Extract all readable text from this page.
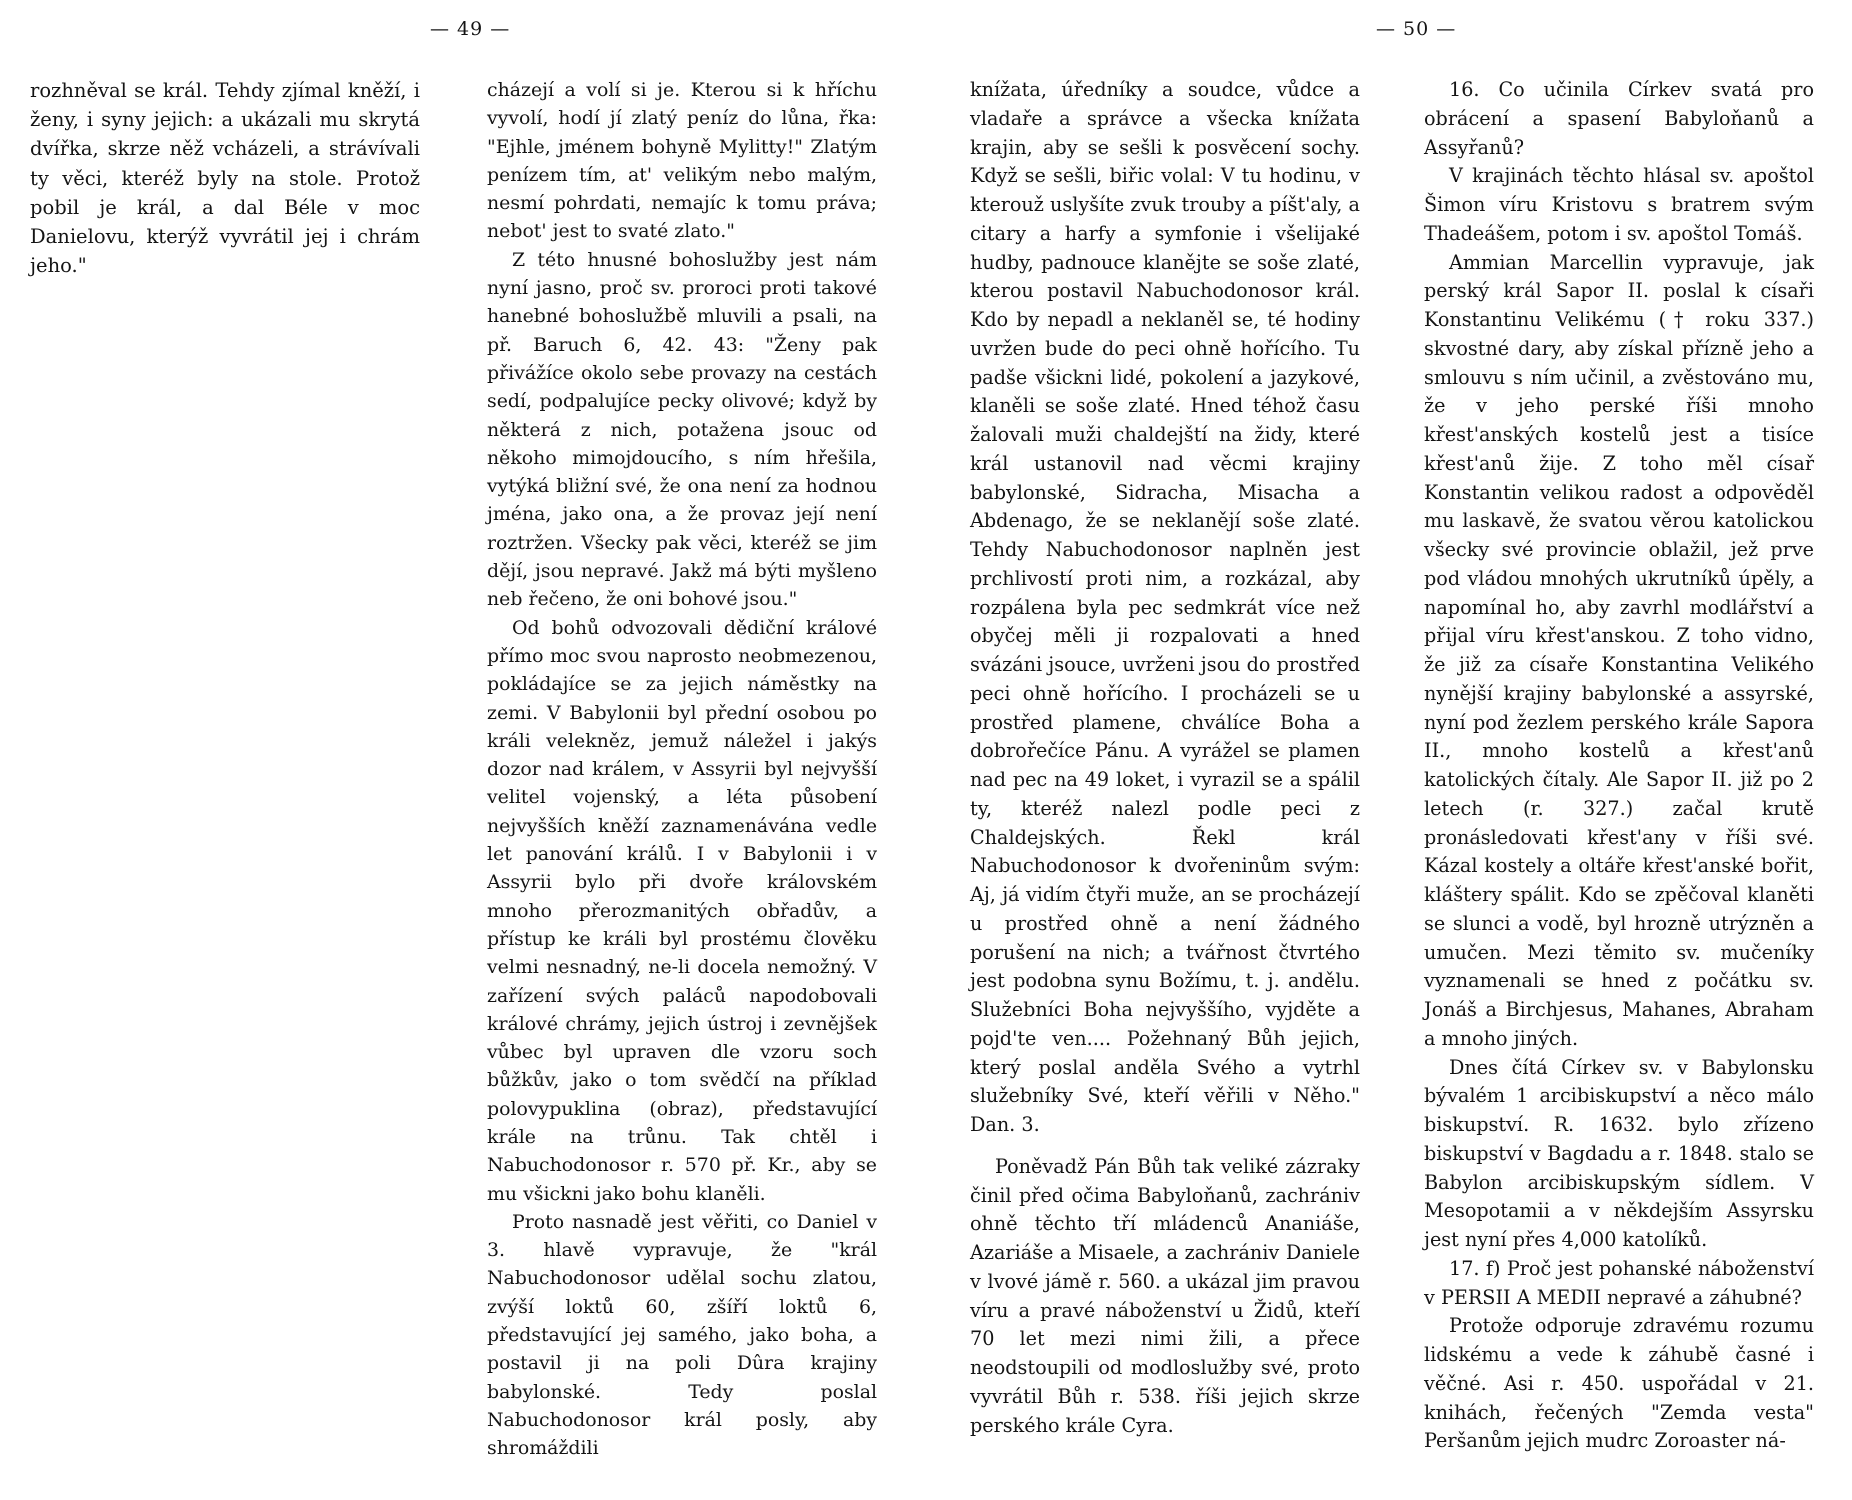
— 49 —

rozhněval se král. Tehdy zjímal kněží, i ženy, i syny jejich: a ukázali mu skrytá dvířka, skrze něž vcházeli, a strávívali ty věci, kteréž byly na stole. Protož pobil je král, a dal Béle v moc Danielovu, kterýž vyvrátil jej i chrám jeho."

cházejí a volí si je. Kterou si k hříchu vyvolí, hodí jí zlatý peníz do lůna, řka: "Ejhle, jménem bohyně Mylitty!" Zlatým penízem tím, at' velikým nebo malým, nesmí pohrdati, nemajíc k tomu práva; nebot' jest to svaté zlato."

Z této hnusné bohoslužby jest nám nyní jasno, proč sv. proroci proti takové hanebné bohoslužbě mluvili a psali, na př. Baruch 6, 42. 43: "Ženy pak přivážíce okolo sebe provazy na cestách sedí, podpalujíce pecky olivové; když by některá z nich, potažena jsouc od někoho mimojdoucího, s ním hřešila, vytýká bližní své, že ona není za hodnou jména, jako ona, a že provaz její není roztržen. Všecky pak věci, kteréž se jim dějí, jsou nepravé. Jakž má býti myšleno neb řečeno, že oni bohové jsou."

Od bohů odvozovali dědiční králové přímo moc svou naprosto neobmezenou, pokládajíce se za jejich náměstky na zemi. V Babylonii byl přední osobou po králi velekněz, jemuž náležel i jakýs dozor nad králem, v Assyrii byl nejvyšší velitel vojenský, a léta působení nejvyšších kněží zaznamenávána vedle let panování králů. I v Babylonii i v Assyrii bylo při dvoře královském mnoho přerozmanitých obřadův, a přístup ke králi byl prostému člověku velmi nesnadný, ne-li docela nemožný. V zařízení svých paláců napodobovali králové chrámy, jejich ústroj i zevnějšek vůbec byl upraven dle vzoru soch bůžkův, jako o tom svědčí na příklad polovypuklina (obraz), představující krále na trůnu. Tak chtěl i Nabuchodonosor r. 570 př. Kr., aby se mu všickni jako bohu klaněli.

Proto nasnadě jest věřiti, co Daniel v 3. hlavě vypravuje, že "král Nabuchodonosor udělal sochu zlatou, zvýší loktů 60, zšíří loktů 6, představující jej samého, jako boha, a postavil ji na poli Dûra krajiny babylonské. Tedy poslal Nabuchodonosor král posly, aby shromáždili

— 50 —

knížata, úředníky a soudce, vůdce a vladaře a správce a všecka knížata krajin, aby se sešli k posvěcení sochy. Když se sešli, biřic volal: V tu hodinu, v kterouž uslyšíte zvuk trouby a píšt'aly, a citary a harfy a symfonie i všelijaké hudby, padnouce klaněјte se soše zlaté, kterou postavil Nabuchodonosor král. Kdo by nepadl a neklaněl se, té hodiny uvržen bude do peci ohně hořícího. Tu padše všickni lidé, pokolení a jazykové, klaněli se soše zlaté. Hned téhož času žalovali muži chaldejští na židy, které král ustanovil nad věcmi krajiny babylonské, Sidracha, Misacha a Abdenago, že se neklanějí soše zlaté. Tehdy Nabuchodonosor naplněn jest prchlivostí proti nim, a rozkázal, aby rozpálena byla pec sedmkrát více než obyčej měli ji rozpalovati a hned svázáni jsouce, uvrženi jsou do prostřed peci ohně hořícího. I procházeli se u prostřed plamene, chválíce Boha a dobrořečíce Pánu. A vyrážel se plamen nad pec na 49 loket, i vyrazil se a spálil ty, kteréž nalezl podle peci z Chaldejských. Řekl král Nabuchodonosor k dvořeninům svým: Aj, já vidím čtyři muže, an se procházejí u prostřed ohně a není žádného porušení na nich; a tvářnost čtvrtého jest podobna synu Božímu, t. j. andělu. Služebníci Boha nejvyššího, vyjděte a pojd'te ven.... Požehnaný Bůh jejich, který poslal anděla Svého a vytrhl služebníky Své, kteří věřili v Něho." Dan. 3.

Poněvadž Pán Bůh tak veliké zázraky činil před očima Babyloňanů, zachrániv ohně těchto tří mládenců Ananiáše, Azariáše a Misaele, a zachrániv Daniele v lvové jámě r. 560. a ukázal jim pravou víru a pravé náboženství u Židů, kteří 70 let mezi nimi žili, a přece neodstoupili od modloslužby své, proto vyvrátil Bůh r. 538. říši jejich skrze perského krále Cyra.

16. Co učinila Církev svatá pro obrácení a spasení Babyloňanů a Assyřanů?

V krajinách těchto hlásal sv. apoštol Šimon víru Kristovu s bratrem svým Thadeášem, potom i sv. apoštol Tomáš.

Ammian Marcellin vypravuje, jak perský král Sapor II. poslal k císaři Konstantinu Velikému († roku 337.) skvostné dary, aby získal přízně jeho a smlouvu s ním učinil, a zvěstováno mu, že v jeho perské říši mnoho křest'anských kostelů jest a tisíce křest'anů žije. Z toho měl císař Konstantin velikou radost a odpověděl mu laskavě, že svatou věrou katolickou všecky své provincie oblažil, jež prve pod vládou mnohých ukrutníků úpěly, a napomínal ho, aby zavrhl modlářství a přijal víru křest'anskou. Z toho vidno, že již za císaře Konstantina Velikého nynější krajiny babylonské a assyrské, nyní pod žezlem perského krále Sapora II., mnoho kostelů a křest'anů katolických čítaly. Ale Sapor II. již po 2 letech (r. 327.) začal krutě pronásledovati křest'any v říši své. Kázal kostely a oltáře křest'anské bořit, kláštery spálit. Kdo se zpěčoval klaněti se slunci a vodě, byl hrozně utrýzněn a umučen. Mezi těmito sv. mučeníky vyznamenali se hned z počátku sv. Jonáš a Birchjesus, Mahanes, Abraham a mnoho jiných.

Dnes čítá Církev sv. v Babylonsku bývalém 1 arcibiskupství a něco málo biskupství. R. 1632. bylo zřízeno biskupství v Bagdadu a r. 1848. stalo se Babylon arcibiskupským sídlem. V Mesopotamii a v někdejším Assyrsku jest nyní přes 4,000 katolíků.

17. f) Proč jest pohanské náboženství v PERSII A MEDII nepravé a záhubné?

Protože odporuje zdravému rozumu lidskému a vede k záhubě časné i věčné. Asi r. 450. uspořádal v 21. knihách, řečených "Zemda vesta" Peršanům jejich mudrc Zoroaster ná-
